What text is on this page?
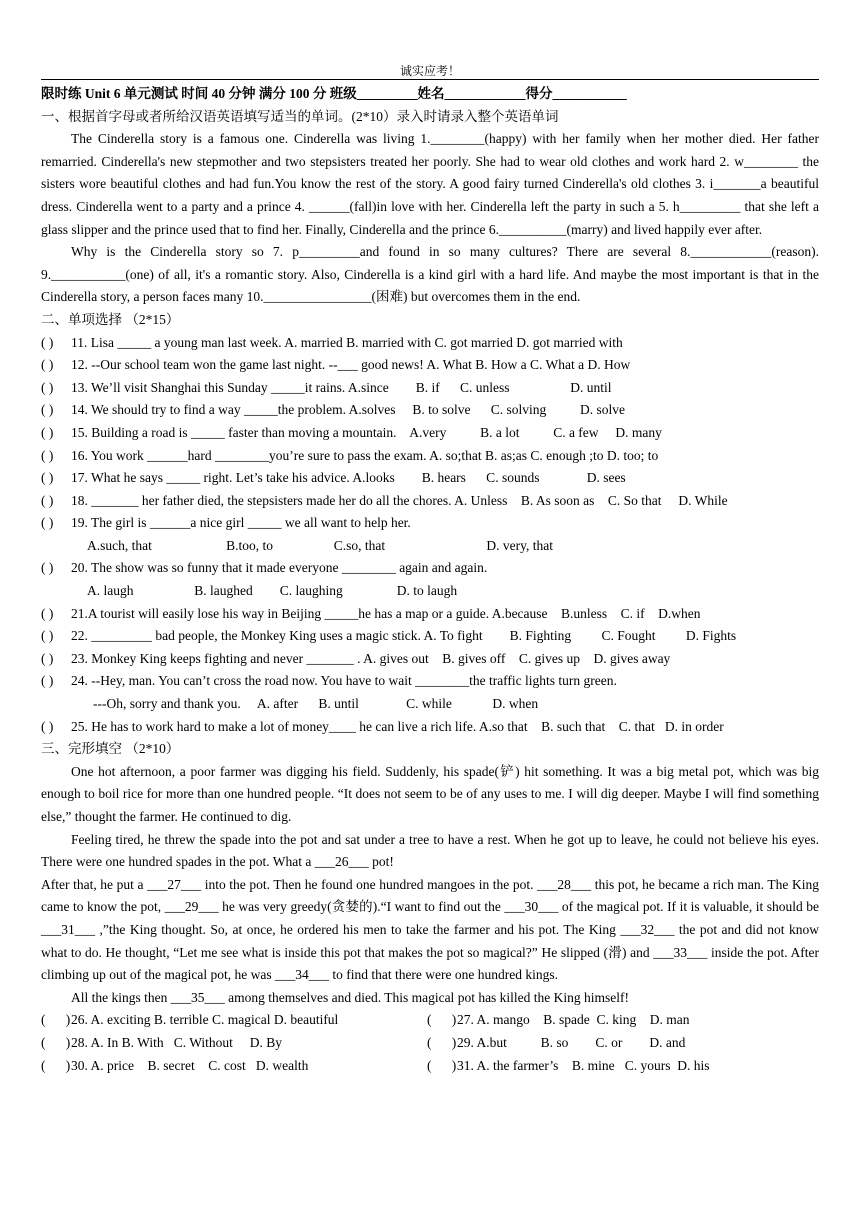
诚实应考！
限时练 Unit 6 单元测试 时间 40 分钟 满分 100 分 班级_________姓名____________得分___________
一、根据首字母或者所给汉语英语填写适当的单词。(2*10）录入时请录入整个英语单词
The Cinderella story is a famous one. Cinderella was living 1.________(happy) with her family when her mother died. Her father remarried. Cinderella's new stepmother and two stepsisters treated her poorly. She had to wear old clothes and work hard 2. w________ the sisters wore beautiful clothes and had fun.You know the rest of the story. A good fairy turned Cinderella's old clothes 3. i_______a beautiful dress. Cinderella went to a party and a prince 4. ______(fall)in love with her. Cinderella left the party in such a 5. h_________ that she left a glass slipper and the prince used that to find her. Finally, Cinderella and the prince 6.__________(marry) and lived happily ever after.
Why is the Cinderella story so 7. p_________and found in so many cultures? There are several 8.____________(reason). 9.___________(one) of all, it's a romantic story. Also, Cinderella is a kind girl with a hard life. And maybe the most important is that in the Cinderella story, a person faces many 10.________________(困难) but overcomes them in the end.
二、单项选择 （2*15）
( )	11. Lisa _____ a young man last week. A. married B. married with C. got married D. got married with
( )	12. --Our school team won the game last night. --___ good news! A. What B. How a C. What a D. How
( )	13. We’ll visit Shanghai this Sunday _____it rains. A.since        B. if      C. unless                  D. until
( )	14. We should try to find a way _____the problem. A.solves     B. to solve      C. solving          D. solve
( )	15. Building a road is _____ faster than moving a mountain.    A.very          B. a lot          C. a few     D. many
( )	16. You work ______hard ________you’re sure to pass the exam. A. so;that B. as;as C. enough ;to D. too; to
( )	17. What he says _____ right. Let’s take his advice. A.looks        B. hears      C. sounds              D. sees
( )	18. _______ her father died, the stepsisters made her do all the chores. A. Unless    B. As soon as    C. So that     D. While
( )	19. The girl is ______a nice girl _____ we all want to help her.
A.such, that                      B.too, to                  C.so, that                              D. very, that
( )	20. The show was so funny that it made everyone ________ again and again.
A. laugh                  B. laughed        C. laughing                D. to laugh
( )	21.A tourist will easily lose his way in Beijing _____he has a map or a guide. A.because    B.unless    C. if    D.when
( )	22. _________ bad people, the Monkey King uses a magic stick. A. To fight        B. Fighting         C. Fought         D. Fights
( )	23. Monkey King keeps fighting and never _______ . A. gives out    B. gives off    C. gives up    D. gives away
( )	24. --Hey, man. You can’t cross the road now. You have to wait ________the traffic lights turn green.
---Oh, sorry and thank you.     A. after      B. until              C. while            D. when
( )	25. He has to work hard to make a lot of money____ he can live a rich life. A.so that    B. such that    C. that   D. in order
三、完形填空 （2*10）
One hot afternoon, a poor farmer was digging his field. Suddenly, his spade(铲) hit something. It was a big metal pot, which was big enough to boil rice for more than one hundred people. “It does not seem to be of any uses to me. I will dig deeper. Maybe I will find something else,” thought the farmer. He continued to dig.
Feeling tired, he threw the spade into the pot and sat under a tree to have a rest. When he got up to leave, he could not believe his eyes. There were one hundred spades in the pot. What a ___26___ pot!
After that, he put a ___27___ into the pot. Then he found one hundred mangoes in the pot. ___28___ this pot, he became a rich man. The King came to know the pot, ___29___ he was very greedy(贪婪的).“I want to find out the ___30___ of the magical pot. If it is valuable, it should be ___31___ ,”the King thought. So, at once, he ordered his men to take the farmer and his pot. The King ___32___ the pot and did not know what to do. He thought, “Let me see what is inside this pot that makes the pot so magical?” He slipped (滑) and ___33___ inside the pot. After climbing up out of the magical pot, he was ___34___ to find that there were one hundred kings.
All the kings then ___35___ among themselves and died. This magical pot has killed the King himself!
(      ) 26. A. exciting B. terrible C. magical D. beautiful	(      ) 27. A. mango    B. spade  C. king    D. man
(      ) 28. A. In B. With   C. Without     D. By	(      ) 29. A.but          B. so        C. or        D. and
(      ) 30. A. price    B. secret    C. cost   D. wealth	(      ) 31. A. the farmer’s    B. mine   C. yours  D. his
